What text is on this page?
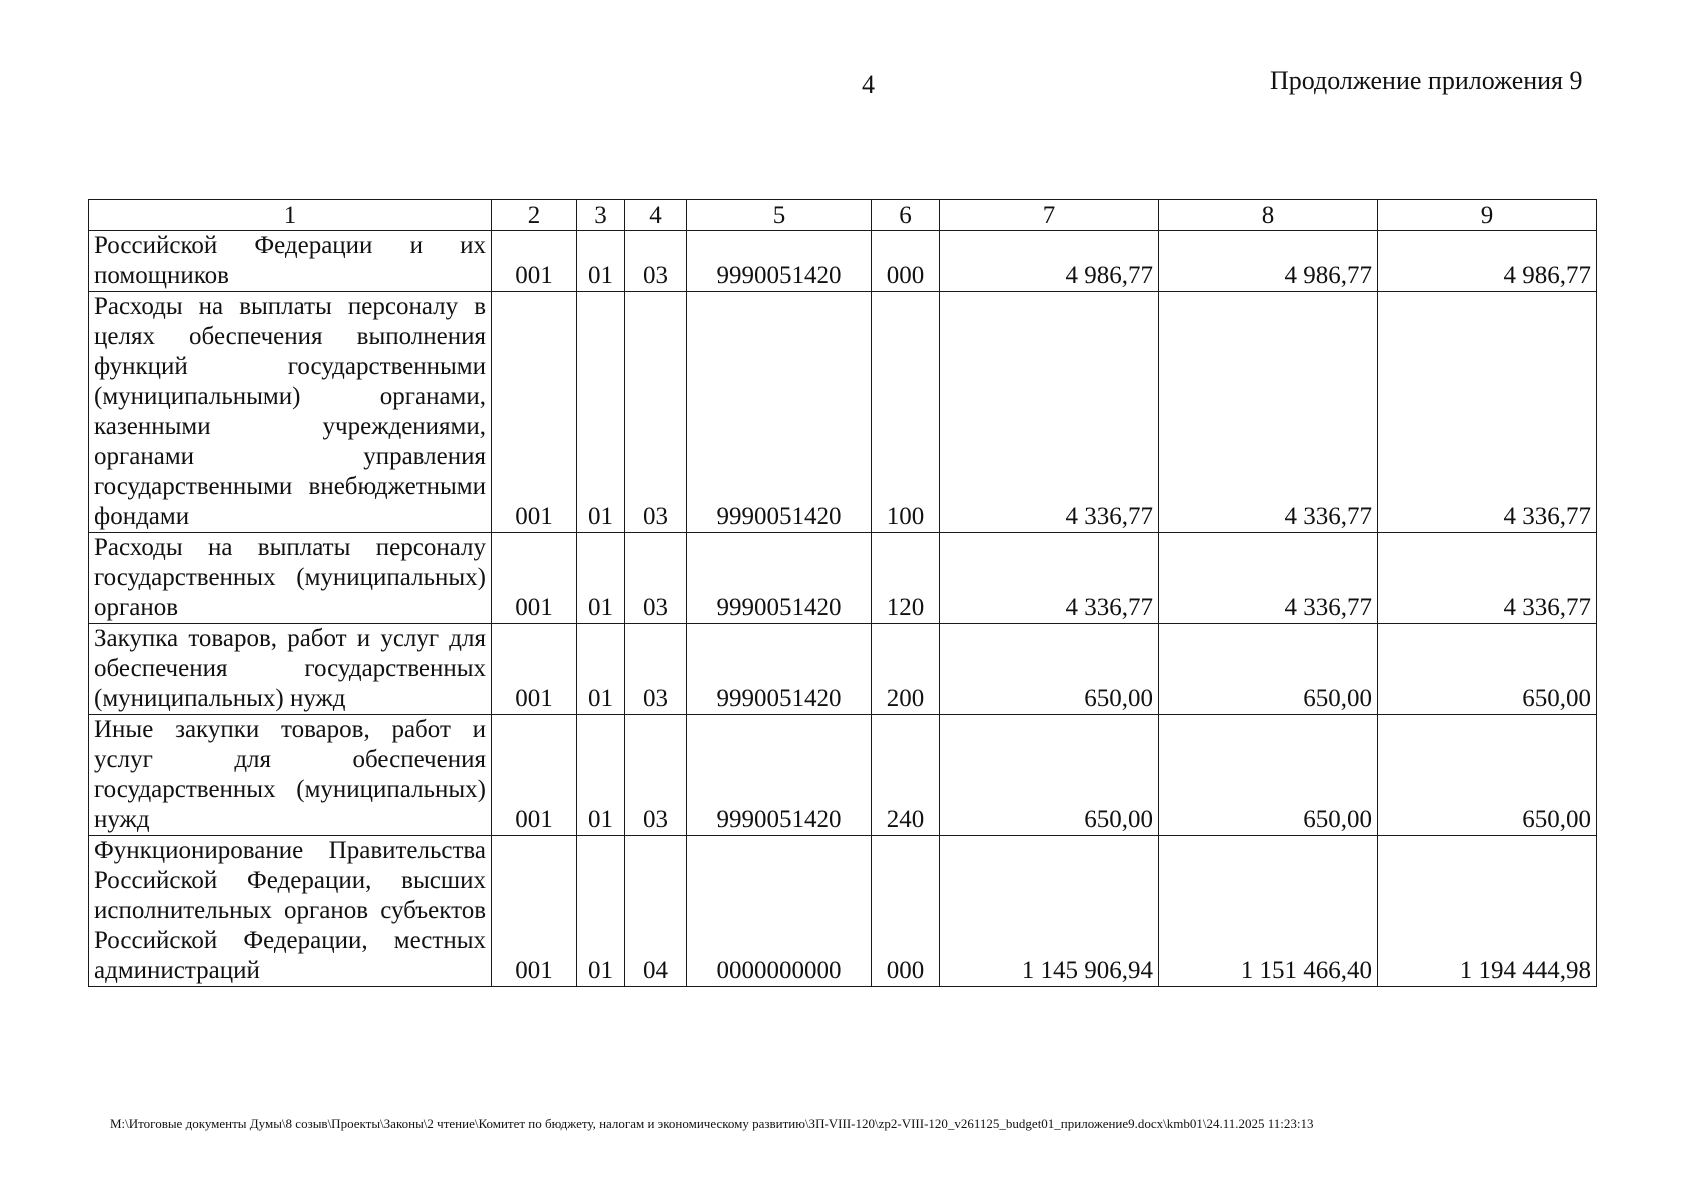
4	Продолжение приложения 9
1	2	3	4	5	6	7	8	9
Российской Федерации и их помощников	001	01	03	9990051420	000	4 986,77	4 986,77	4 986,77
Расходы на выплаты персоналу в целях обеспечения выполнения функций государственными (муниципальными) органами, казенными учреждениями, органами управления государственными внебюджетными фондами	001	01	03	9990051420	100	4 336,77	4 336,77	4 336,77
Расходы на выплаты персоналу государственных (муниципальных) органов	001	01	03	9990051420	120	4 336,77	4 336,77	4 336,77
Закупка товаров, работ и услуг для обеспечения государственных (муниципальных) нужд	001	01	03	9990051420	200	650,00	650,00	650,00
Иные закупки товаров, работ и услуг для обеспечения государственных (муниципальных) нужд	001	01	03	9990051420	240	650,00	650,00	650,00
Функционирование Правительства Российской Федерации, высших исполнительных органов субъектов Российской Федерации, местных администраций	001	01	04	0000000000	000	1 145 906,94	1 151 466,40	1 194 444,98
М:\Итоговые документы Думы\8 созыв\Проекты\Законы\2 чтение\Комитет по бюджету, налогам и экономическому развитию\ЗП-VIII-120\zp2-VIII-120_v261125_budget01_приложение9.docx\kmb01\24.11.2025 11:23:13
